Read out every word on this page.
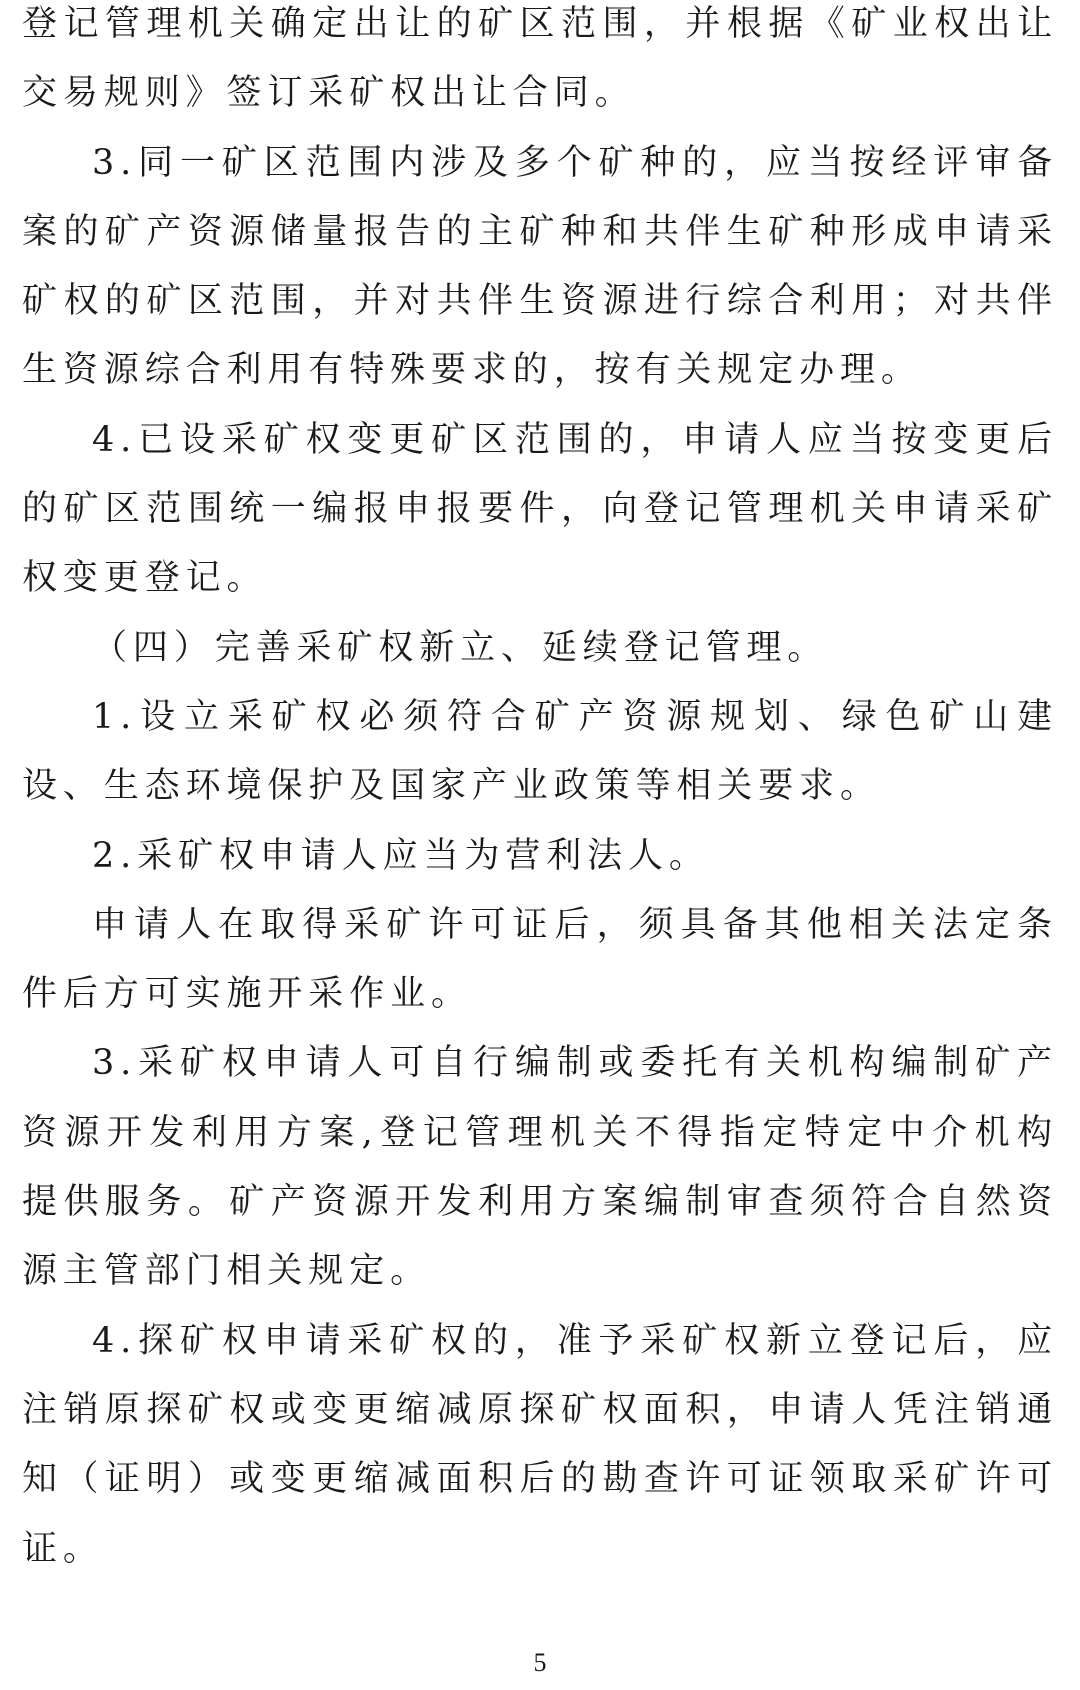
登记管理机关确定出让的矿区范围，并根据《矿业权出让交易规则》签订采矿权出让合同。

3.同一矿区范围内涉及多个矿种的，应当按经评审备案的矿产资源储量报告的主矿种和共伴生矿种形成申请采矿权的矿区范围，并对共伴生资源进行综合利用；对共伴生资源综合利用有特殊要求的，按有关规定办理。

4.已设采矿权变更矿区范围的，申请人应当按变更后的矿区范围统一编报申报要件，向登记管理机关申请采矿权变更登记。

（四）完善采矿权新立、延续登记管理。

1.设立采矿权必须符合矿产资源规划、绿色矿山建设、生态环境保护及国家产业政策等相关要求。

2.采矿权申请人应当为营利法人。

申请人在取得采矿许可证后，须具备其他相关法定条件后方可实施开采作业。

3.采矿权申请人可自行编制或委托有关机构编制矿产资源开发利用方案,登记管理机关不得指定特定中介机构提供服务。矿产资源开发利用方案编制审查须符合自然资源主管部门相关规定。

4.探矿权申请采矿权的，准予采矿权新立登记后，应注销原探矿权或变更缩减原探矿权面积，申请人凭注销通知（证明）或变更缩减面积后的勘查许可证领取采矿许可证。

5
